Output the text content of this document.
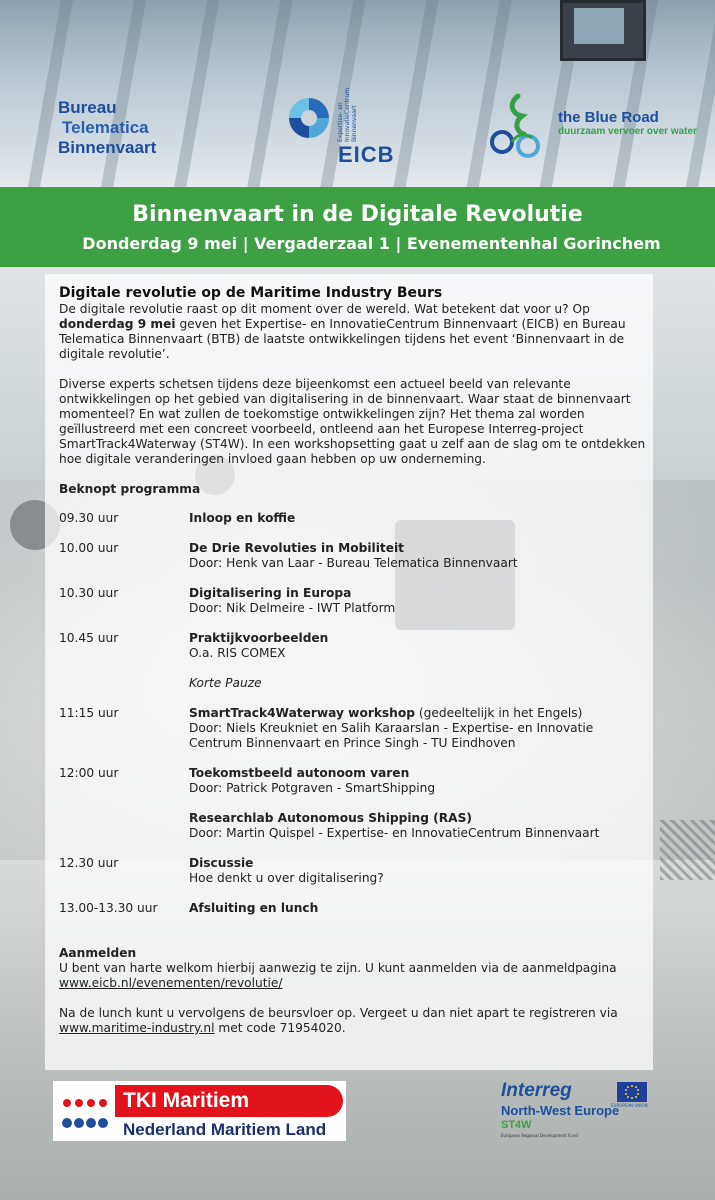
Bureau
Telematica
Binnenvaart
Expertise- en InnovatieCentrum Binnenvaart
EICB
the Blue Road
duurzaam vervoer over water
Binnenvaart in de Digitale Revolutie
Donderdag 9 mei | Vergaderzaal 1 | Evenementenhal Gorinchem
Digitale revolutie op de Maritime Industry Beurs

De digitale revolutie raast op dit moment over de wereld. Wat betekent dat voor u? Op donderdag 9 mei geven het Expertise- en InnovatieCentrum Binnenvaart (EICB) en Bureau Telematica Binnenvaart (BTB) de laatste ontwikkelingen tijdens het event ‘Binnenvaart in de digitale revolutie’.

Diverse experts schetsen tijdens deze bijeenkomst een actueel beeld van relevante ontwikkelingen op het gebied van digitalisering in de binnenvaart. Waar staat de binnenvaart momenteel? En wat zullen de toekomstige ontwikkelingen zijn? Het thema zal worden geïllustreerd met een concreet voorbeeld, ontleend aan het Europese Interreg-project SmartTrack4Waterway (ST4W). In een workshopsetting gaat u zelf aan de slag om te ontdekken hoe digitale veranderingen invloed gaan hebben op uw onderneming.

Beknopt programma
09.30 uur	Inloop en koffie
10.00 uur	De Drie Revoluties in Mobiliteit
Door: Henk van Laar - Bureau Telematica Binnenvaart
10.30 uur	Digitalisering in Europa
Door: Nik Delmeire - IWT Platform
10.45 uur	Praktijkvoorbeelden
O.a. RIS COMEX
Korte Pauze
11:15 uur	SmartTrack4Waterway workshop (gedeeltelijk in het Engels)
Door: Niels Kreukniet en Salih Karaarslan - Expertise- en Innovatie Centrum Binnenvaart en Prince Singh - TU Eindhoven
12:00 uur	Toekomstbeeld autonoom varen
Door: Patrick Potgraven - SmartShipping
Researchlab Autonomous Shipping (RAS)
Door: Martin Quispel - Expertise- en InnovatieCentrum Binnenvaart
12.30 uur	Discussie
Hoe denkt u over digitalisering?
13.00-13.30 uur	Afsluiting en lunch
Aanmelden

U bent van harte welkom hierbij aanwezig te zijn. U kunt aanmelden via de aanmeldpagina www.eicb.nl/evenementen/revolutie/

Na de lunch kunt u vervolgens de beursvloer op. Vergeet u dan niet apart te registreren via www.maritime-industry.nl met code 71954020.

TKI Maritiem
Nederland Maritiem Land
Interreg
EUROPEAN UNION
North-West Europe
ST4W
European Regional Development Fund
